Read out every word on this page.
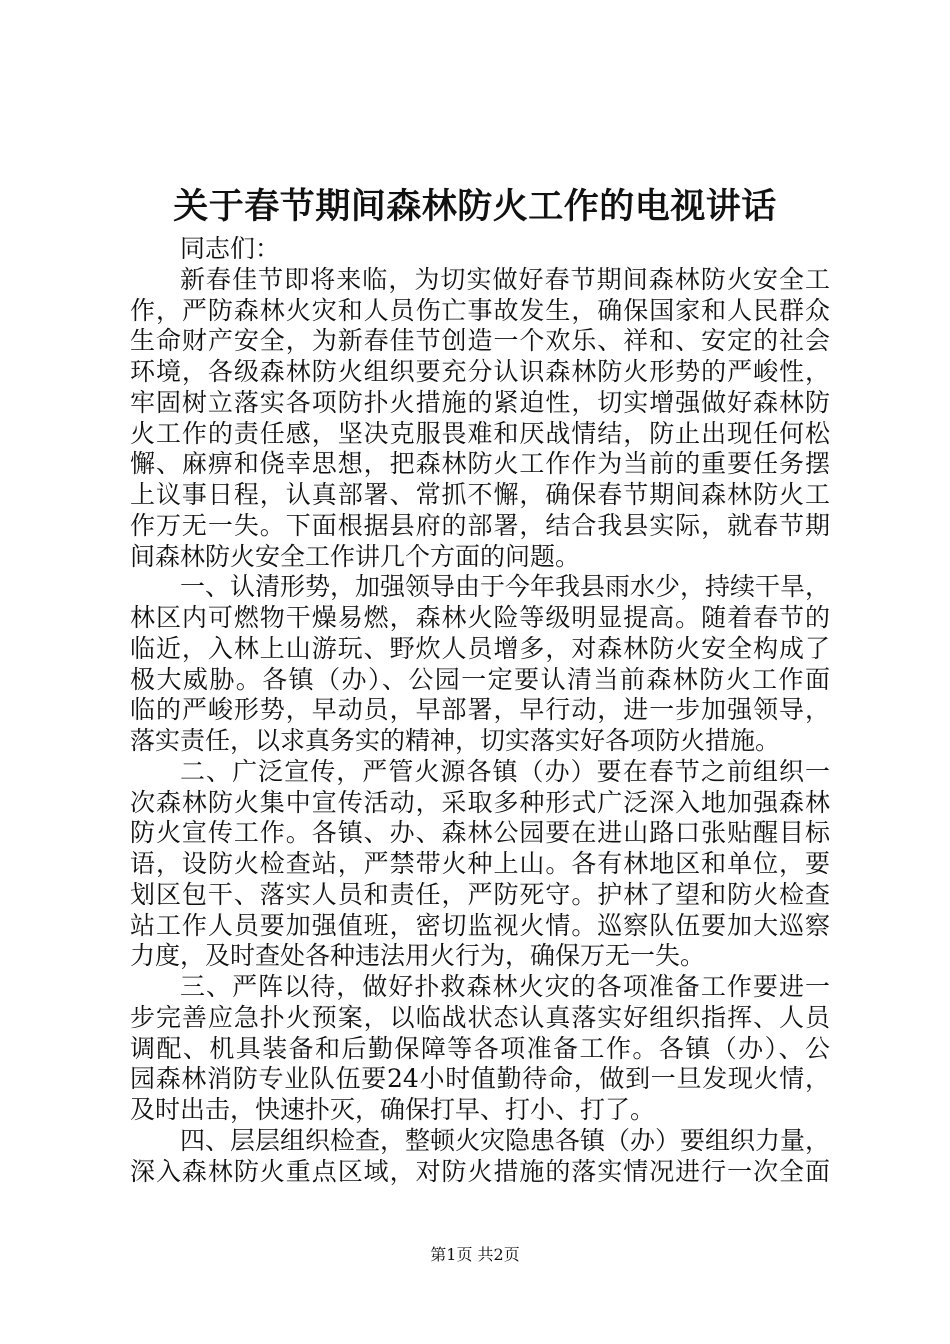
关于春节期间森林防火工作的电视讲话
同志们：
新春佳节即将来临，为切实做好春节期间森林防火安全工
作，严防森林火灾和人员伤亡事故发生，确保国家和人民群众
生命财产安全，为新春佳节创造一个欢乐、祥和、安定的社会
环境，各级森林防火组织要充分认识森林防火形势的严峻性，
牢固树立落实各项防扑火措施的紧迫性，切实增强做好森林防
火工作的责任感，坚决克服畏难和厌战情结，防止出现任何松
懈、麻痹和侥幸思想，把森林防火工作作为当前的重要任务摆
上议事日程，认真部署、常抓不懈，确保春节期间森林防火工
作万无一失。下面根据县府的部署，结合我县实际，就春节期
间森林防火安全工作讲几个方面的问题。
一、认清形势，加强领导由于今年我县雨水少，持续干旱，
林区内可燃物干燥易燃，森林火险等级明显提高。随着春节的
临近，入林上山游玩、野炊人员增多，对森林防火安全构成了
极大威胁。各镇（办）、公园一定要认清当前森林防火工作面
临的严峻形势，早动员，早部署，早行动，进一步加强领导，
落实责任，以求真务实的精神，切实落实好各项防火措施。
二、广泛宣传，严管火源各镇（办）要在春节之前组织一
次森林防火集中宣传活动，采取多种形式广泛深入地加强森林
防火宣传工作。各镇、办、森林公园要在进山路口张贴醒目标
语，设防火检查站，严禁带火种上山。各有林地区和单位，要
划区包干、落实人员和责任，严防死守。护林了望和防火检查
站工作人员要加强值班，密切监视火情。巡察队伍要加大巡察
力度，及时查处各种违法用火行为，确保万无一失。
三、严阵以待，做好扑救森林火灾的各项准备工作要进一
步完善应急扑火预案，以临战状态认真落实好组织指挥、人员
调配、机具装备和后勤保障等各项准备工作。各镇（办）、公
园森林消防专业队伍要24小时值勤待命，做到一旦发现火情，
及时出击，快速扑灭，确保打早、打小、打了。
四、层层组织检查，整顿火灾隐患各镇（办）要组织力量，
深入森林防火重点区域，对防火措施的落实情况进行一次全面
第1页 共2页
